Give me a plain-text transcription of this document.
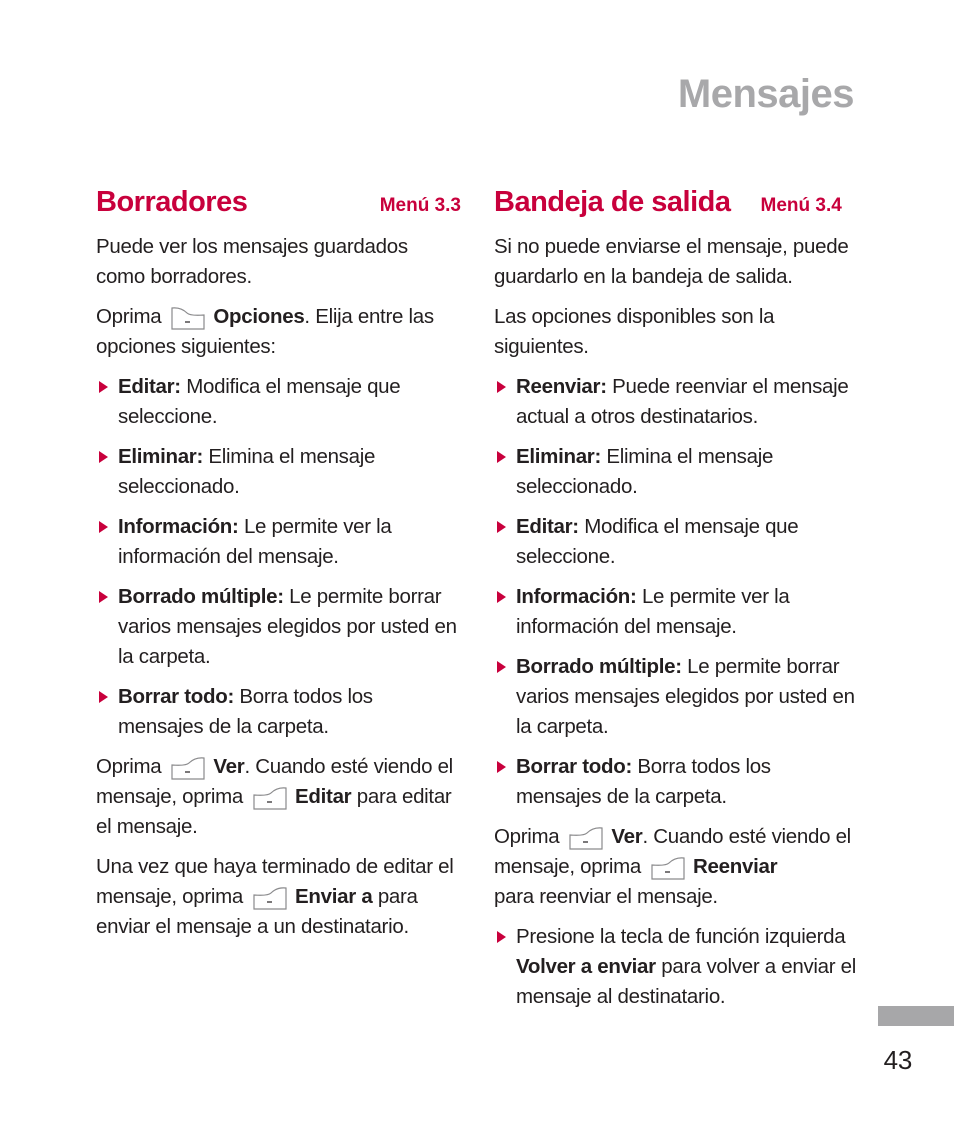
Mensajes
Borradores	Menú 3.3

Puede ver los mensajes guardados como borradores.

Oprima	Opciones. Elija entre las opciones siguientes:

Editar: Modifica el mensaje que seleccione.
Eliminar: Elimina el mensaje seleccionado.
Información: Le permite ver la información del mensaje.
Borrado múltiple: Le permite borrar varios mensajes elegidos por usted en la carpeta.
Borrar todo: Borra todos los mensajes de la carpeta.

Oprima	Ver. Cuando esté viendo el mensaje, oprima	Editar para editar el mensaje.

Una vez que haya terminado de editar el mensaje, oprima	Enviar a para enviar el mensaje a un destinatario.

Bandeja de salida Menú 3.4

Si no puede enviarse el mensaje, puede guardarlo en la bandeja de salida.

Las opciones disponibles son la siguientes.

Reenviar: Puede reenviar el mensaje actual a otros destinatarios.
Eliminar: Elimina el mensaje seleccionado.
Editar: Modifica el mensaje que seleccione.
Información: Le permite ver la información del mensaje.
Borrado múltiple: Le permite borrar varios mensajes elegidos por usted en la carpeta.
Borrar todo: Borra todos los mensajes de la carpeta.

Oprima	Ver. Cuando esté viendo el mensaje, oprima	Reenviar
para reenviar el mensaje.

Presione la tecla de función izquierda Volver a enviar para volver a enviar el mensaje al destinatario.

43
